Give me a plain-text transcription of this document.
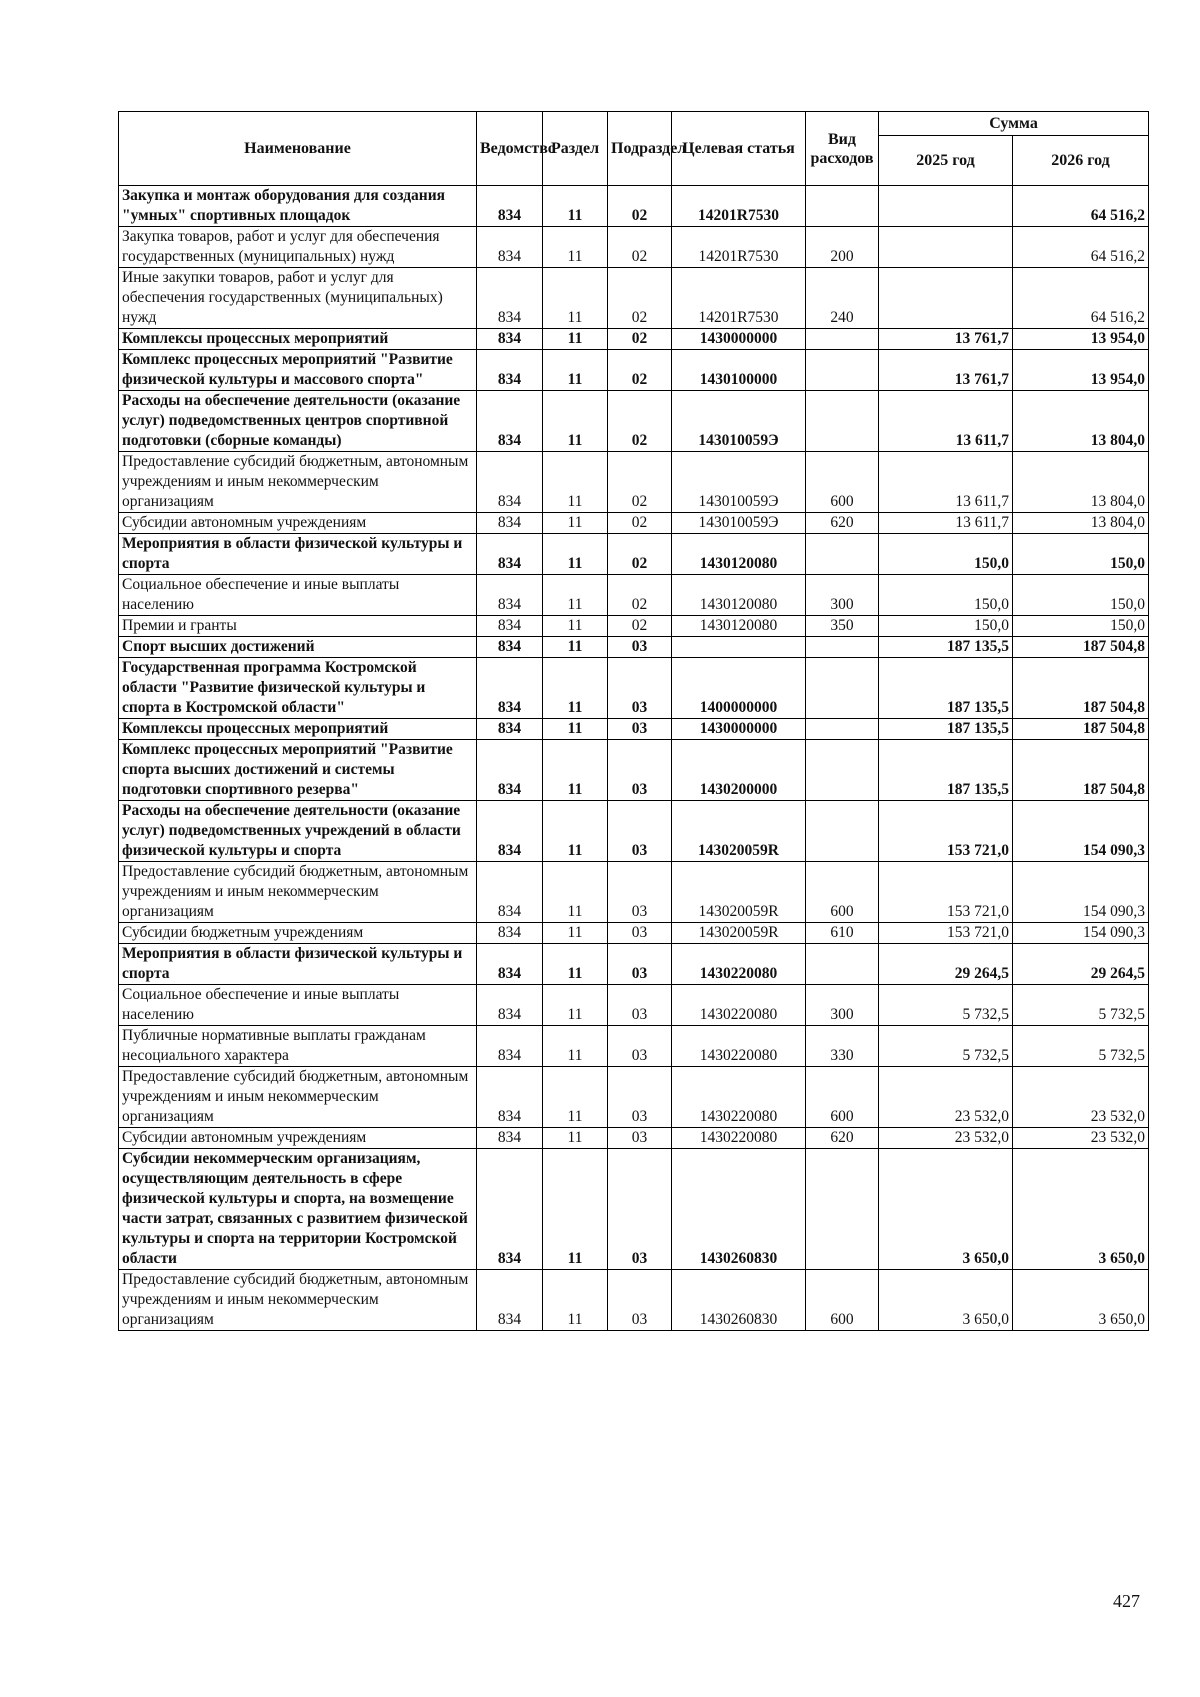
Наименование	Ведомство	Раздел	Подраздел	Целевая статья	Вид расходов	Сумма	
						2025 год	2026 год
Закупка и монтаж оборудования для создания "умных" спортивных площадок	834	11	02	14201R7530			64 516,2
Закупка товаров, работ и услуг для обеспечения государственных (муниципальных) нужд	834	11	02	14201R7530	200		64 516,2
Иные закупки товаров, работ и услуг для обеспечения государственных (муниципальных) нужд	834	11	02	14201R7530	240		64 516,2
Комплексы процессных мероприятий	834	11	02	1430000000		13 761,7	13 954,0
Комплекс процессных мероприятий "Развитие физической культуры и массового спорта"	834	11	02	1430100000		13 761,7	13 954,0
Расходы на обеспечение деятельности (оказание услуг) подведомственных центров спортивной подготовки (сборные команды)	834	11	02	143010059Э		13 611,7	13 804,0
Предоставление субсидий бюджетным, автономным учреждениям и иным некоммерческим организациям	834	11	02	143010059Э	600	13 611,7	13 804,0
Субсидии автономным учреждениям	834	11	02	143010059Э	620	13 611,7	13 804,0
Мероприятия в области физической культуры и спорта	834	11	02	1430120080		150,0	150,0
Социальное обеспечение и иные выплаты населению	834	11	02	1430120080	300	150,0	150,0
Премии и гранты	834	11	02	1430120080	350	150,0	150,0
Спорт высших достижений	834	11	03			187 135,5	187 504,8
Государственная программа Костромской области "Развитие физической культуры и спорта в Костромской области"	834	11	03	1400000000		187 135,5	187 504,8
Комплексы процессных мероприятий	834	11	03	1430000000		187 135,5	187 504,8
Комплекс процессных мероприятий "Развитие спорта высших достижений и системы подготовки спортивного резерва"	834	11	03	1430200000		187 135,5	187 504,8
Расходы на обеспечение деятельности (оказание услуг) подведомственных учреждений в области физической культуры и спорта	834	11	03	143020059R		153 721,0	154 090,3
Предоставление субсидий бюджетным, автономным учреждениям и иным некоммерческим организациям	834	11	03	143020059R	600	153 721,0	154 090,3
Субсидии бюджетным учреждениям	834	11	03	143020059R	610	153 721,0	154 090,3
Мероприятия в области физической культуры и спорта	834	11	03	1430220080		29 264,5	29 264,5
Социальное обеспечение и иные выплаты населению	834	11	03	1430220080	300	5 732,5	5 732,5
Публичные нормативные выплаты гражданам несоциального характера	834	11	03	1430220080	330	5 732,5	5 732,5
Предоставление субсидий бюджетным, автономным учреждениям и иным некоммерческим организациям	834	11	03	1430220080	600	23 532,0	23 532,0
Субсидии автономным учреждениям	834	11	03	1430220080	620	23 532,0	23 532,0
Субсидии некоммерческим организациям, осуществляющим деятельность в сфере физической культуры и спорта, на возмещение части затрат, связанных с развитием физической культуры и спорта на территории Костромской области	834	11	03	1430260830		3 650,0	3 650,0
Предоставление субсидий бюджетным, автономным учреждениям и иным некоммерческим организациям	834	11	03	1430260830	600	3 650,0	3 650,0
427
